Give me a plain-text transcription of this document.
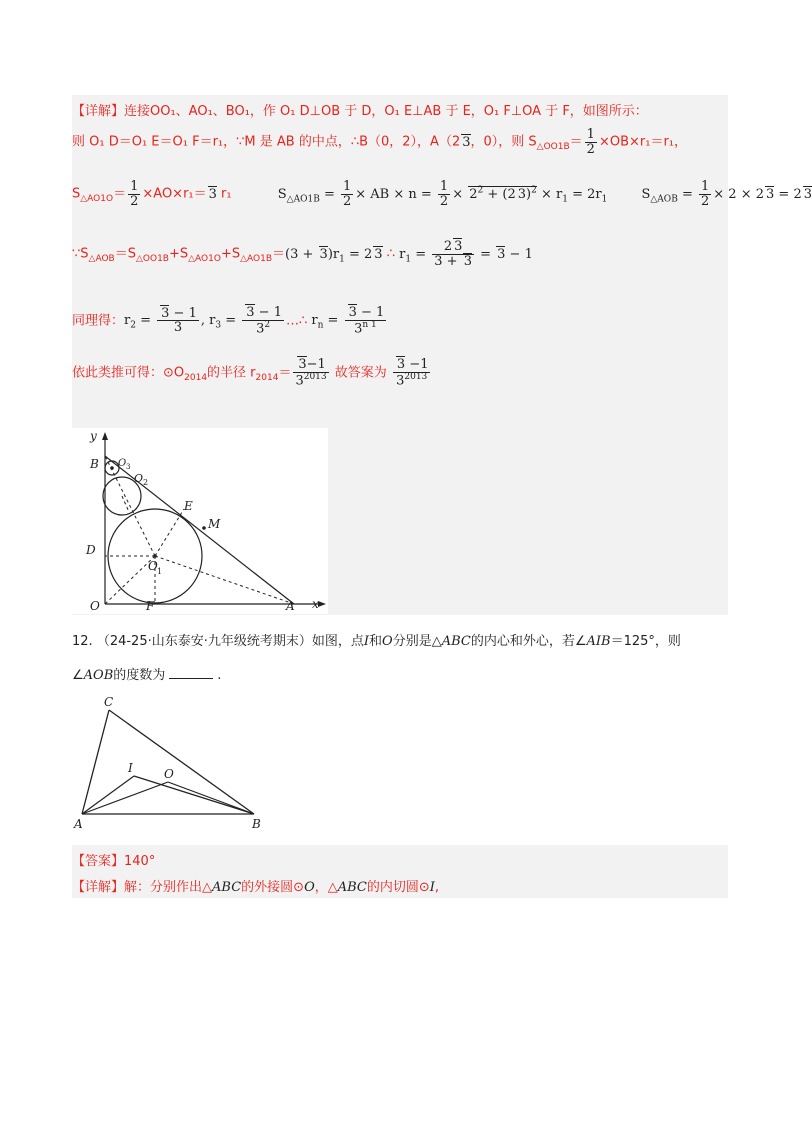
【详解】连接OO₁、AO₁、BO₁，作 O₁ D⊥OB 于 D，O₁ E⊥AB 于 E，O₁ F⊥OA 于 F，如图所示：
则 O₁ D＝O₁ E＝O₁ F＝r₁，∵M 是 AB 的中点，∴B（0，2），A（2 3，0），则 $S_{\triangle OO1B}= \frac{1}{2} \times OB\times r_1=r_1$，
$S_{\triangle AO1O}= \frac{1}{2} \times AO\times r_1= 3$ r₁	$S_{\triangle AO1B} = \frac{1}{2}$ × AB × $n = \frac{1}{2} \times 2^2 + (2$ $3)^2 \times r_1 = 2r_1$	$S_{\triangle AOB} = \frac{1}{2} \times 2 \times 2$ 3 = 2 3
$\because S_{\triangle AOB}=S_{\triangle OO1B}+S_{\triangle AO1O}+S_{\triangle AO1B}=(3 + 3)r_1 = 2$ 3 ∴ $r_1 = \frac{2 3}{3 + 3} = 3 - 1$
同理得：$r_2 = \frac{3 - 1}{3}$ , $r_3 = \frac{3 - 1}{3^2}$ …∴ $r_n = \frac{3 - 1}{3^{n 1}}$
依此类推可得：$⊙O_{2014}$的半径 $r_{2014}= \frac{3-1}{3^{2013}}$ 故答案为 $\frac{3 -1}{3^{2013}}$
y
B O 3
O 2
E
M
D
O 1
O	F	A x
12. （24-25·山东泰安·九年级统考期末）如图，点I和O分别是△ABC的内心和外心，若∠AIB＝125°，则
∠AOB的度数为	.
C
I	O
A	B
【答案】140°
【详解】解：分别作出△ABC的外接圆⊙O，△ABC的内切圆⊙I,
